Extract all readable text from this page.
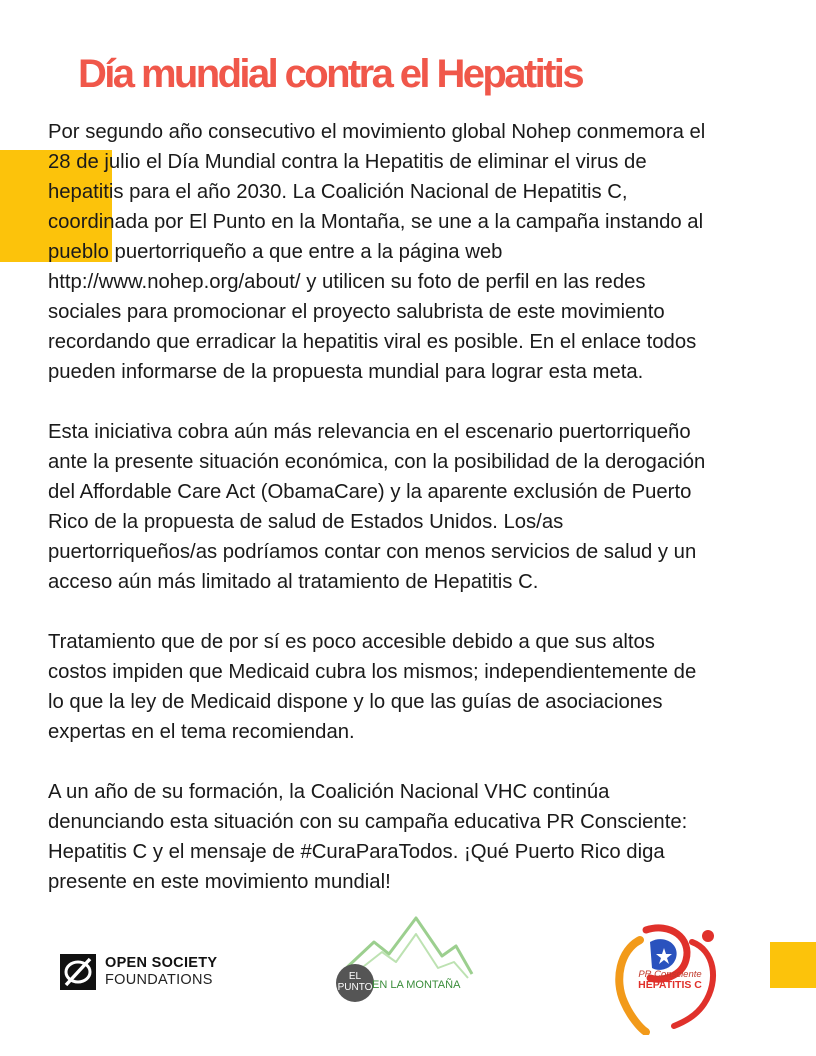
Día mundial contra el Hepatitis

Por segundo año consecutivo el movimiento global Nohep conmemora el
28 de julio el Día Mundial contra la Hepatitis de eliminar el virus de
hepatitis para el año 2030. La Coalición Nacional de Hepatitis C,
coordinada por El Punto en la Montaña, se une a la campaña instando al
pueblo puertorriqueño a que entre a la página web
http://www.nohep.org/about/ y utilicen su foto de perfil en las redes
sociales para promocionar el proyecto salubrista de este movimiento
recordando que erradicar la hepatitis viral es posible. En el enlace todos
pueden informarse de la propuesta mundial para lograr esta meta.

Esta iniciativa cobra aún más relevancia en el escenario puertorriqueño
ante la presente situación económica, con la posibilidad de la derogación
del Affordable Care Act (ObamaCare) y la aparente exclusión de Puerto
Rico de la propuesta de salud de Estados Unidos. Los/as
puertorriqueños/as podríamos contar con menos servicios de salud y un
acceso aún más limitado al tratamiento de Hepatitis C.

Tratamiento que de por sí es poco accesible debido a que sus altos
costos impiden que Medicaid cubra los mismos; independientemente de
lo que la ley de Medicaid dispone y lo que las guías de asociaciones
expertas en el tema recomiendan.

A un año de su formación, la Coalición Nacional VHC continúa
denunciando esta situación con su campaña educativa PR Consciente:
Hepatitis C y el mensaje de #CuraParaTodos. ¡Qué Puerto Rico diga
presente en este movimiento mundial!

OPEN SOCIETY
FOUNDATIONS	EL
PUNTO EN LA MONTAÑA
PR Consciente
HEPATITIS C
